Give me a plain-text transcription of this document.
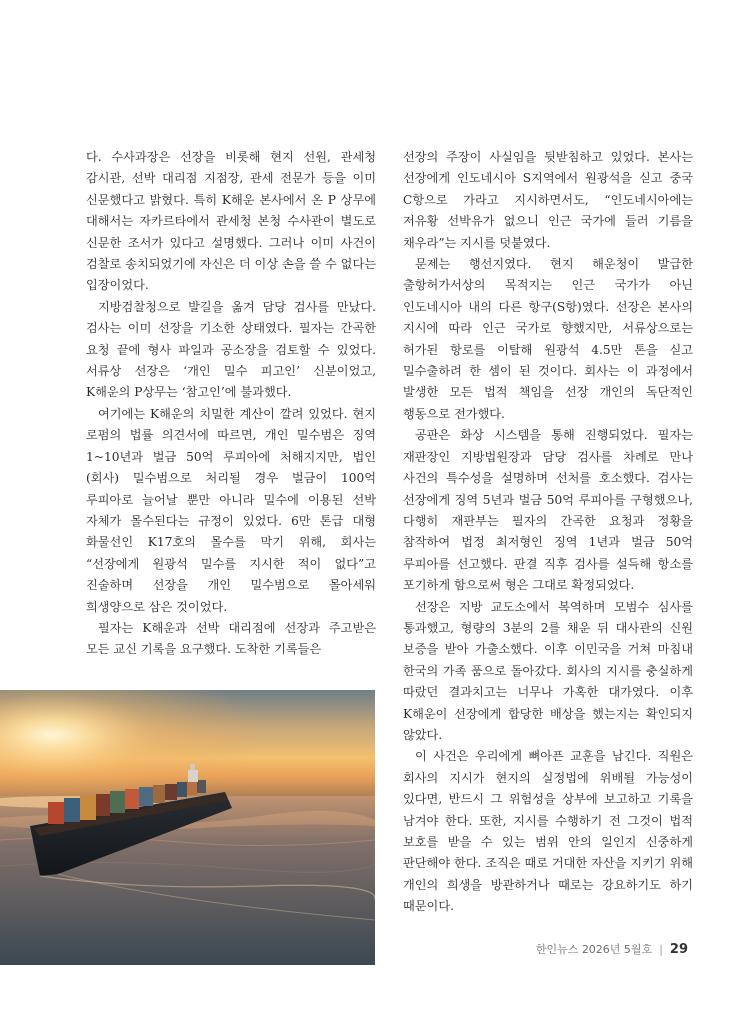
다. 수사과장은 선장을 비롯해 현지 선원, 관세청 감시관, 선박 대리점 지점장, 관세 전문가 등을 이미 신문했다고 밝혔다. 특히 K해운 본사에서 온 P 상무에 대해서는 자카르타에서 관세청 본청 수사관이 별도로 신문한 조서가 있다고 설명했다. 그러나 이미 사건이 검찰로 송치되었기에 자신은 더 이상 손을 쓸 수 없다는 입장이었다.

지방검찰청으로 발길을 옮겨 담당 검사를 만났다. 검사는 이미 선장을 기소한 상태였다. 필자는 간곡한 요청 끝에 형사 파일과 공소장을 검토할 수 있었다. 서류상 선장은 ‘개인 밀수 피고인’ 신분이었고, K해운의 P상무는 ‘참고인’에 불과했다.

여기에는 K해운의 치밀한 계산이 깔려 있었다. 현지 로펌의 법률 의견서에 따르면, 개인 밀수범은 징역 1~10년과 벌금 50억 루피아에 처해지지만, 법인(회사) 밀수범으로 처리될 경우 벌금이 100억 루피아로 늘어날 뿐만 아니라 밀수에 이용된 선박 자체가 몰수된다는 규정이 있었다. 6만 톤급 대형 화물선인 K17호의 몰수를 막기 위해, 회사는 “선장에게 원광석 밀수를 지시한 적이 없다”고 진술하며 선장을 개인 밀수범으로 몰아세워 희생양으로 삼은 것이었다.

필자는 K해운과 선박 대리점에 선장과 주고받은 모든 교신 기록을 요구했다. 도착한 기록들은

선장의 주장이 사실임을 뒷받침하고 있었다. 본사는 선장에게 인도네시아 S지역에서 원광석을 싣고 중국 C항으로 가라고 지시하면서도, “인도네시아에는 저유황 선박유가 없으니 인근 국가에 들러 기름을 채우라”는 지시를 덧붙였다.

문제는 행선지였다. 현지 해운청이 발급한 출항허가서상의 목적지는 인근 국가가 아닌 인도네시아 내의 다른 항구(S항)였다. 선장은 본사의 지시에 따라 인근 국가로 향했지만, 서류상으로는 허가된 항로를 이탈해 원광석 4.5만 톤을 싣고 밀수출하려 한 셈이 된 것이다. 회사는 이 과정에서 발생한 모든 법적 책임을 선장 개인의 독단적인 행동으로 전가했다.

공판은 화상 시스템을 통해 진행되었다. 필자는 재판장인 지방법원장과 담당 검사를 차례로 만나 사건의 특수성을 설명하며 선처를 호소했다. 검사는 선장에게 징역 5년과 벌금 50억 루피아를 구형했으나, 다행히 재판부는 필자의 간곡한 요청과 정황을 참작하여 법정 최저형인 징역 1년과 벌금 50억 루피아를 선고했다. 판결 직후 검사를 설득해 항소를 포기하게 함으로써 형은 그대로 확정되었다.

선장은 지방 교도소에서 복역하며 모범수 심사를 통과했고, 형량의 3분의 2를 채운 뒤 대사관의 신원 보증을 받아 가출소했다. 이후 이민국을 거쳐 마침내 한국의 가족 품으로 돌아갔다. 회사의 지시를 충실하게 따랐던 결과치고는 너무나 가혹한 대가였다. 이후 K해운이 선장에게 합당한 배상을 했는지는 확인되지 않았다.

이 사건은 우리에게 뼈아픈 교훈을 남긴다. 직원은 회사의 지시가 현지의 실정법에 위배될 가능성이 있다면, 반드시 그 위험성을 상부에 보고하고 기록을 남겨야 한다. 또한, 지시를 수행하기 전 그것이 법적 보호를 받을 수 있는 범위 안의 일인지 신중하게 판단해야 한다. 조직은 때로 거대한 자산을 지키기 위해 개인의 희생을 방관하거나 때로는 강요하기도 하기 때문이다.

한인뉴스 2026년 5월호 | 29
